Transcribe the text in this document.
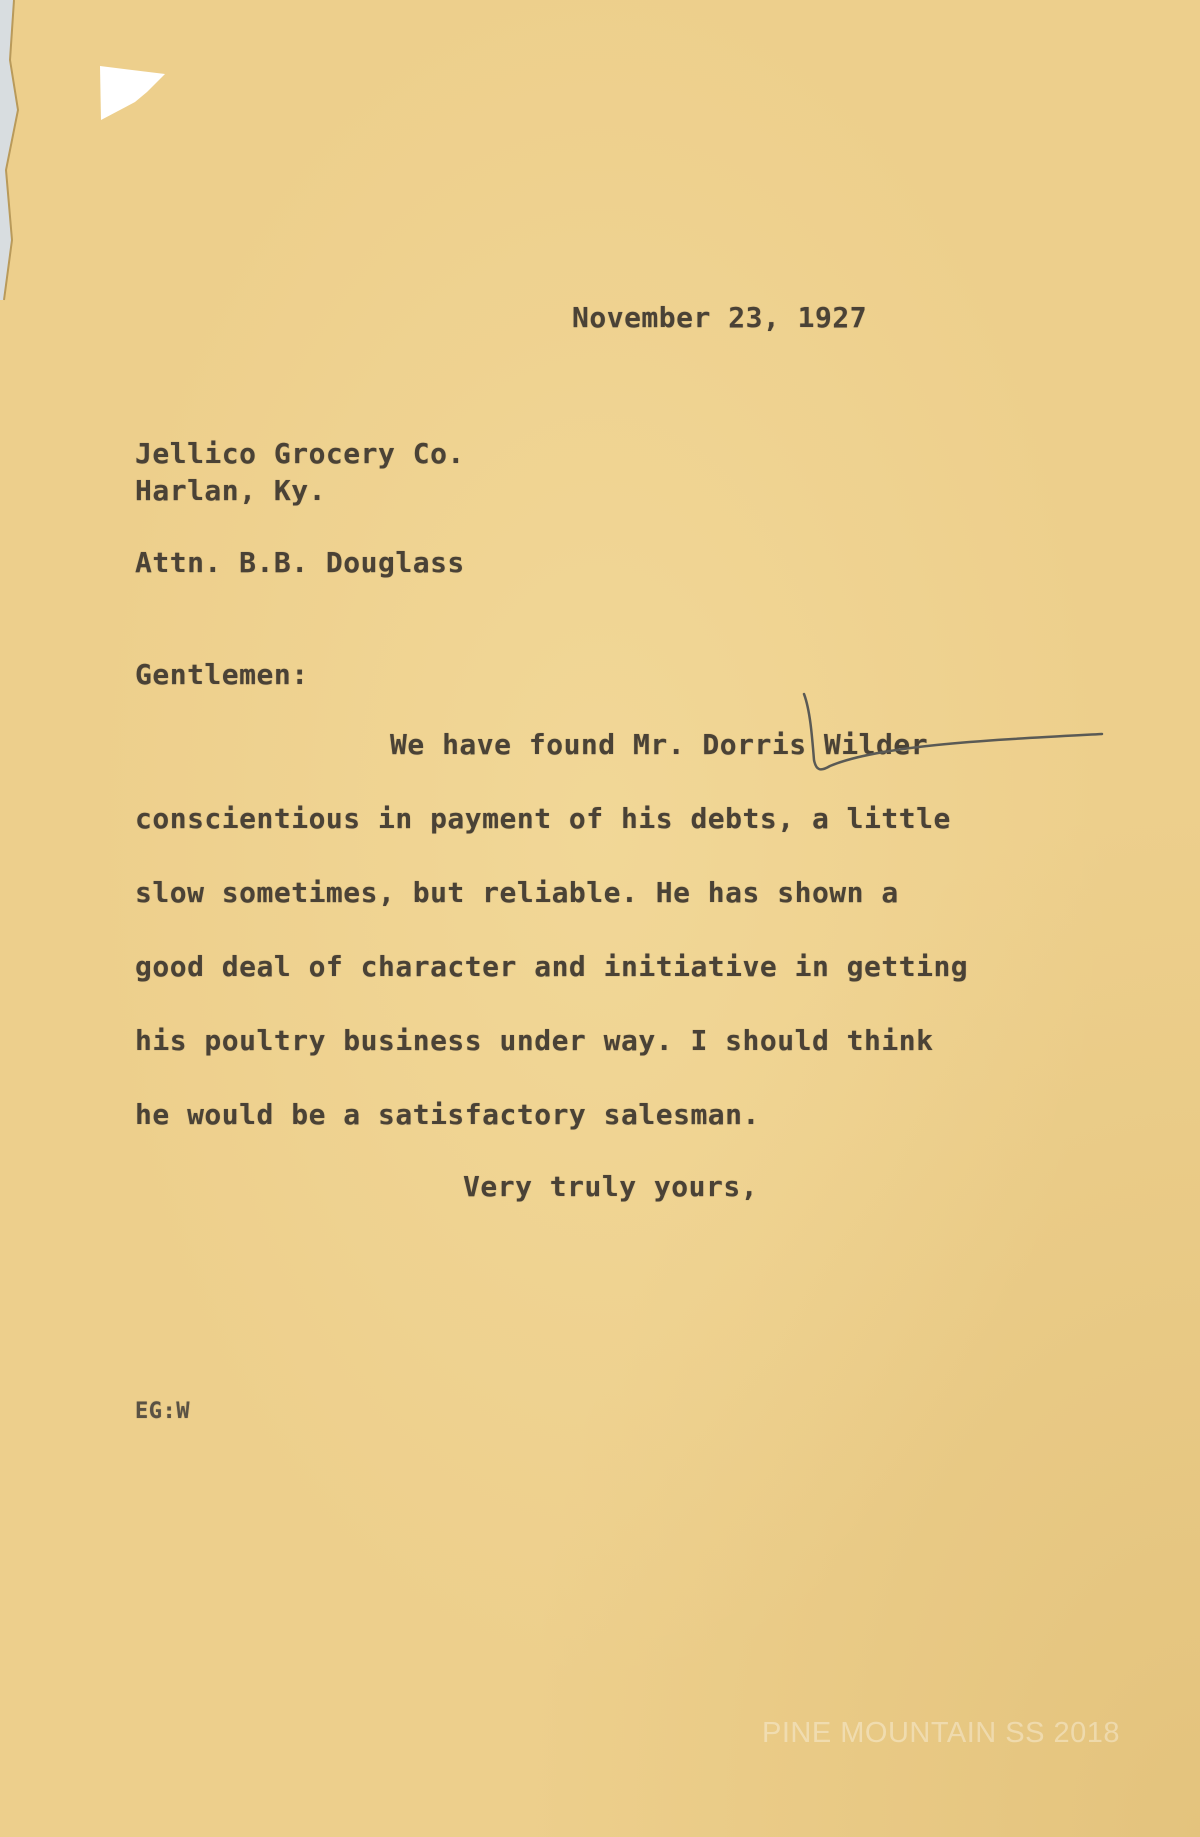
November 23, 1927
Jellico Grocery Co.
Harlan, Ky.
Attn. B.B. Douglass
Gentlemen:
We have found Mr. Dorris Wilder
conscientious in payment of his debts, a little
slow sometimes, but reliable. He has shown a
good deal of character and initiative in getting
his poultry business under way. I should think
he would be a satisfactory salesman.
Very truly yours,
EG:W
PINE MOUNTAIN SS 2018
